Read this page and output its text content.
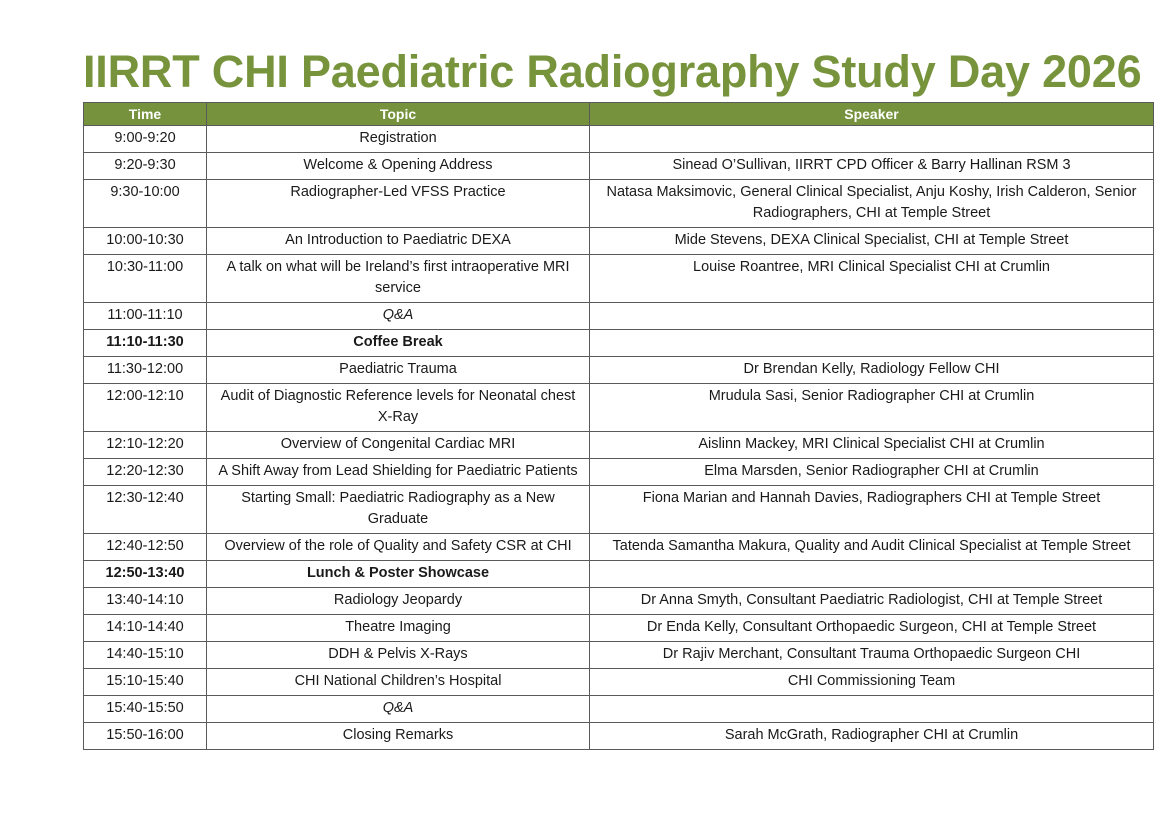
IIRRT CHI Paediatric Radiography Study Day 2026
Time	Topic	Speaker
9:00-9:20	Registration	
9:20-9:30	Welcome & Opening Address	Sinead O’Sullivan, IIRRT CPD Officer & Barry Hallinan RSM 3
9:30-10:00	Radiographer-Led VFSS Practice	Natasa Maksimovic, General Clinical Specialist, Anju Koshy, Irish Calderon, Senior Radiographers, CHI at Temple Street
10:00-10:30	An Introduction to Paediatric DEXA	Mide Stevens, DEXA Clinical Specialist, CHI at Temple Street
10:30-11:00	A talk on what will be Ireland’s first intraoperative MRI service	Louise Roantree, MRI Clinical Specialist CHI at Crumlin
11:00-11:10	Q&A	
11:10-11:30	Coffee Break	
11:30-12:00	Paediatric Trauma	Dr Brendan Kelly, Radiology Fellow CHI
12:00-12:10	Audit of Diagnostic Reference levels for Neonatal chest X-Ray	Mrudula Sasi, Senior Radiographer CHI at Crumlin
12:10-12:20	Overview of Congenital Cardiac MRI	Aislinn Mackey, MRI Clinical Specialist CHI at Crumlin
12:20-12:30	A Shift Away from Lead Shielding for Paediatric Patients	Elma Marsden, Senior Radiographer CHI at Crumlin
12:30-12:40	Starting Small: Paediatric Radiography as a New Graduate	Fiona Marian and Hannah Davies, Radiographers CHI at Temple Street
12:40-12:50	Overview of the role of Quality and Safety CSR at CHI	Tatenda Samantha Makura, Quality and Audit Clinical Specialist at Temple Street
12:50-13:40	Lunch & Poster Showcase	
13:40-14:10	Radiology Jeopardy	Dr Anna Smyth, Consultant Paediatric Radiologist, CHI at Temple Street
14:10-14:40	Theatre Imaging	Dr Enda Kelly, Consultant Orthopaedic Surgeon, CHI at Temple Street
14:40-15:10	DDH & Pelvis X-Rays	Dr Rajiv Merchant, Consultant Trauma Orthopaedic Surgeon CHI
15:10-15:40	CHI National Children’s Hospital	CHI Commissioning Team
15:40-15:50	Q&A	
15:50-16:00	Closing Remarks	Sarah McGrath, Radiographer CHI at Crumlin
